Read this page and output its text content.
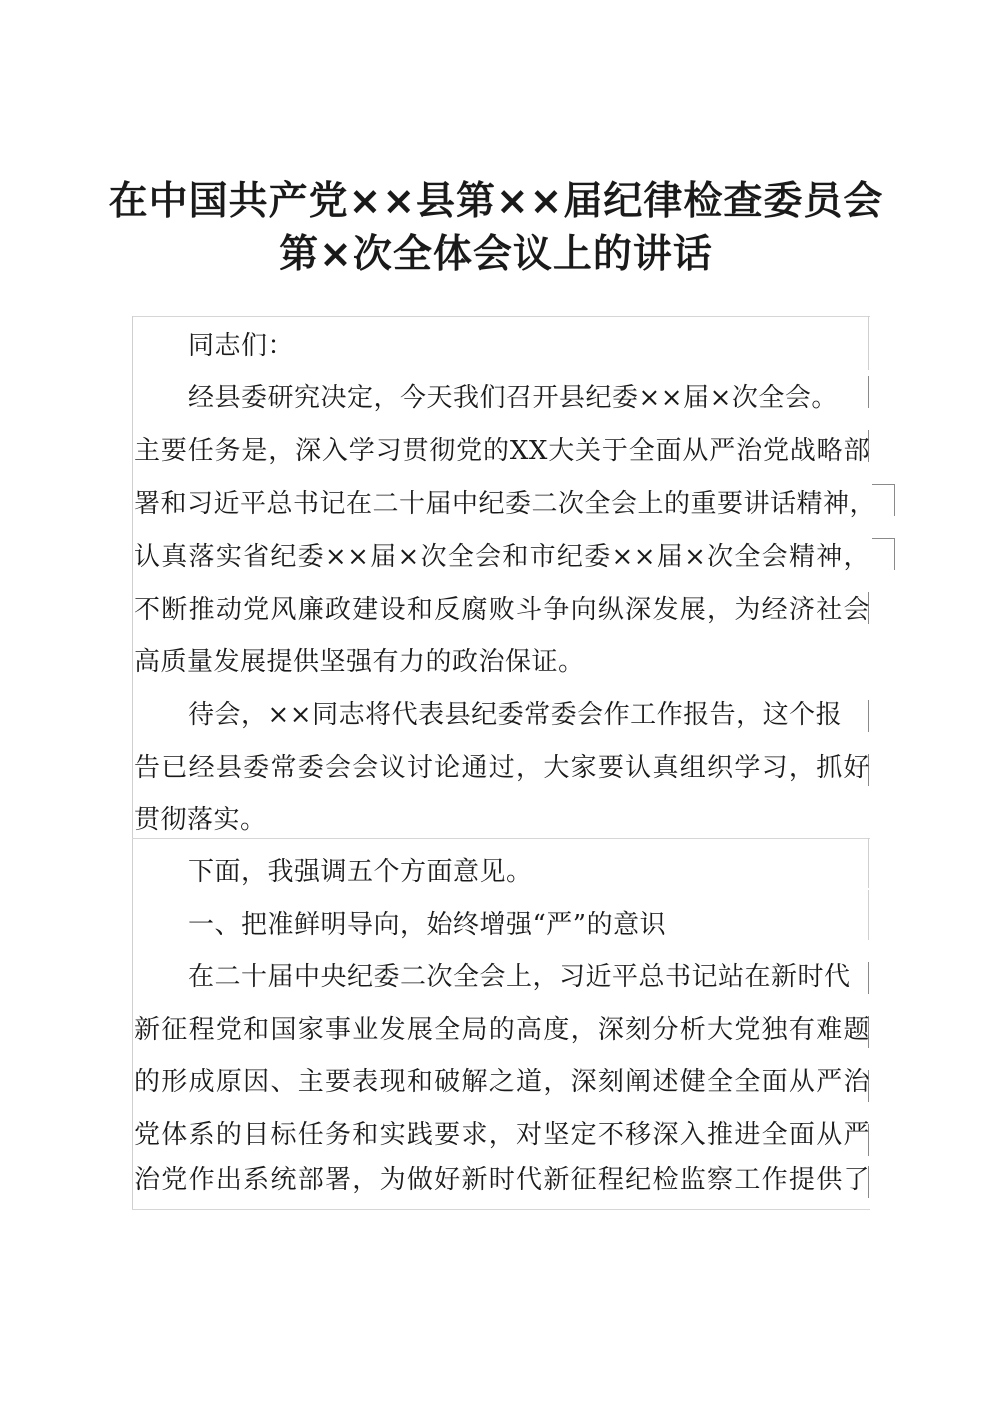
在中国共产党××县第××届纪律检查委员会
第×次全体会议上的讲话
同志们：
经县委研究决定，今天我们召开县纪委××届×次全会。
主要任务是，深入学习贯彻党的XX大关于全面从严治党战略部
署和习近平总书记在二十届中纪委二次全会上的重要讲话精神，
认真落实省纪委××届×次全会和市纪委××届×次全会精神，
不断推动党风廉政建设和反腐败斗争向纵深发展，为经济社会
高质量发展提供坚强有力的政治保证。
待会，××同志将代表县纪委常委会作工作报告，这个报
告已经县委常委会会议讨论通过，大家要认真组织学习，抓好
贯彻落实。
下面，我强调五个方面意见。
一、把准鲜明导向，始终增强“严”的意识
在二十届中央纪委二次全会上，习近平总书记站在新时代
新征程党和国家事业发展全局的高度，深刻分析大党独有难题
的形成原因、主要表现和破解之道，深刻阐述健全全面从严治
党体系的目标任务和实践要求，对坚定不移深入推进全面从严
治党作出系统部署，为做好新时代新征程纪检监察工作提供了
